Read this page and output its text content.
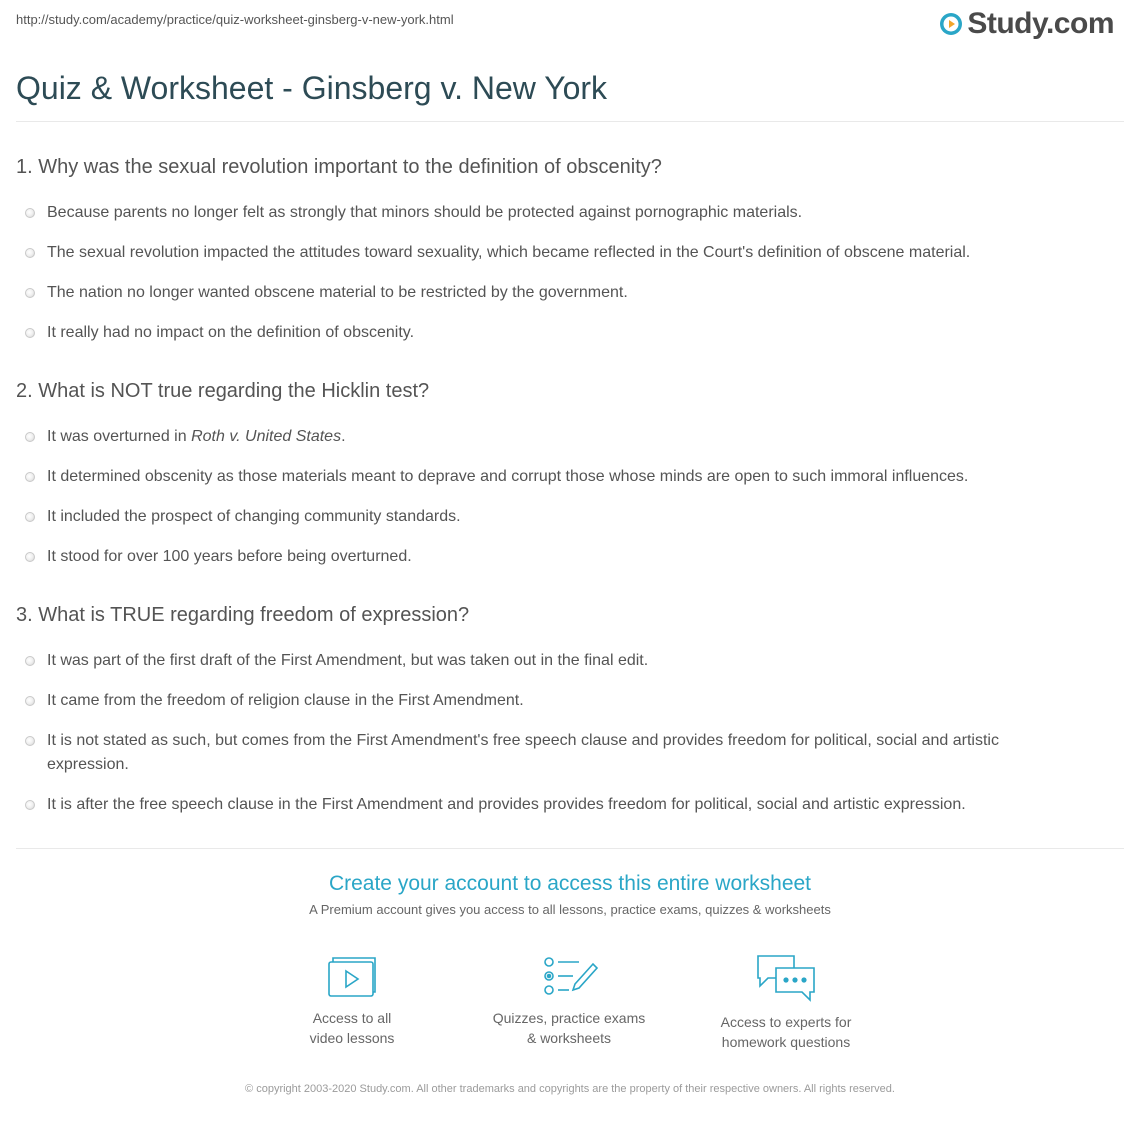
http://study.com/academy/practice/quiz-worksheet-ginsberg-v-new-york.html	Study.com
Quiz & Worksheet - Ginsberg v. New York
1. Why was the sexual revolution important to the definition of obscenity?
Because parents no longer felt as strongly that minors should be protected against pornographic materials.
The sexual revolution impacted the attitudes toward sexuality, which became reflected in the Court's definition of obscene material.
The nation no longer wanted obscene material to be restricted by the government.
It really had no impact on the definition of obscenity.
2. What is NOT true regarding the Hicklin test?
It was overturned in Roth v. United States.
It determined obscenity as those materials meant to deprave and corrupt those whose minds are open to such immoral influences.
It included the prospect of changing community standards.
It stood for over 100 years before being overturned.
3. What is TRUE regarding freedom of expression?
It was part of the first draft of the First Amendment, but was taken out in the final edit.
It came from the freedom of religion clause in the First Amendment.
It is not stated as such, but comes from the First Amendment's free speech clause and provides freedom for political, social and artistic expression.
It is after the free speech clause in the First Amendment and provides provides freedom for political, social and artistic expression.
Create your account to access this entire worksheet
A Premium account gives you access to all lessons, practice exams, quizzes & worksheets
Access to all
video lessons
Quizzes, practice exams
& worksheets
Access to experts for
homework questions
© copyright 2003-2020 Study.com. All other trademarks and copyrights are the property of their respective owners. All rights reserved.
